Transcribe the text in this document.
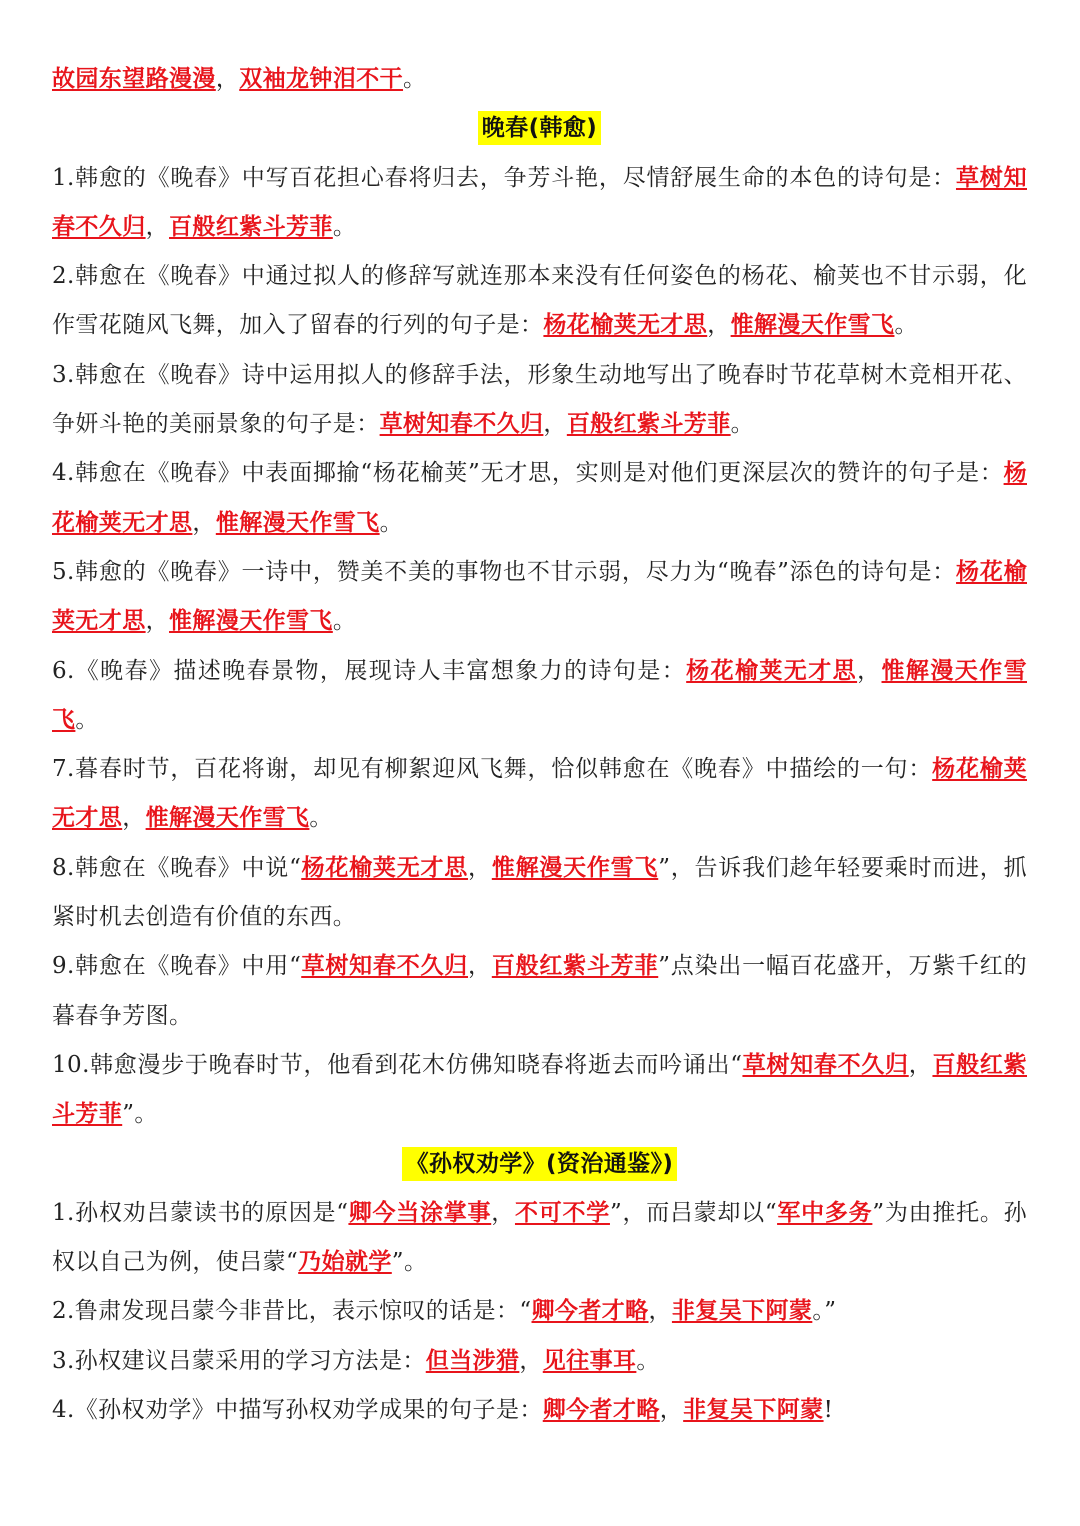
故园东望路漫漫，双袖龙钟泪不干。

晚春(韩愈)

1.韩愈的《晚春》中写百花担心春将归去，争芳斗艳，尽情舒展生命的本色的诗句是：草树知春不久归，百般红紫斗芳菲。

2.韩愈在《晚春》中通过拟人的修辞写就连那本来没有任何姿色的杨花、榆荚也不甘示弱，化作雪花随风飞舞，加入了留春的行列的句子是：杨花榆荚无才思，惟解漫天作雪飞。

3.韩愈在《晚春》诗中运用拟人的修辞手法，形象生动地写出了晚春时节花草树木竞相开花、争妍斗艳的美丽景象的句子是：草树知春不久归，百般红紫斗芳菲。

4.韩愈在《晚春》中表面揶揄“杨花榆荚”无才思，实则是对他们更深层次的赞许的句子是：杨花榆荚无才思，惟解漫天作雪飞。

5.韩愈的《晚春》一诗中，赞美不美的事物也不甘示弱，尽力为“晚春”添色的诗句是：杨花榆荚无才思，惟解漫天作雪飞。

6.《晚春》描述晚春景物，展现诗人丰富想象力的诗句是：杨花榆荚无才思，惟解漫天作雪飞。

7.暮春时节，百花将谢，却见有柳絮迎风飞舞，恰似韩愈在《晚春》中描绘的一句：杨花榆荚无才思，惟解漫天作雪飞。

8.韩愈在《晚春》中说“杨花榆荚无才思，惟解漫天作雪飞”，告诉我们趁年轻要乘时而进，抓紧时机去创造有价值的东西。

9.韩愈在《晚春》中用“草树知春不久归，百般红紫斗芳菲”点染出一幅百花盛开，万紫千红的暮春争芳图。

10.韩愈漫步于晚春时节，他看到花木仿佛知晓春将逝去而吟诵出“草树知春不久归，百般红紫斗芳菲”。

《孙权劝学》(资治通鉴》)

1.孙权劝吕蒙读书的原因是“卿今当涂掌事，不可不学”，而吕蒙却以“军中多务”为由推托。孙权以自己为例，使吕蒙“乃始就学”。

2.鲁肃发现吕蒙今非昔比，表示惊叹的话是：“卿今者才略，非复吴下阿蒙。”

3.孙权建议吕蒙采用的学习方法是：但当涉猎，见往事耳。

4.《孙权劝学》中描写孙权劝学成果的句子是：卿今者才略，非复吴下阿蒙!
